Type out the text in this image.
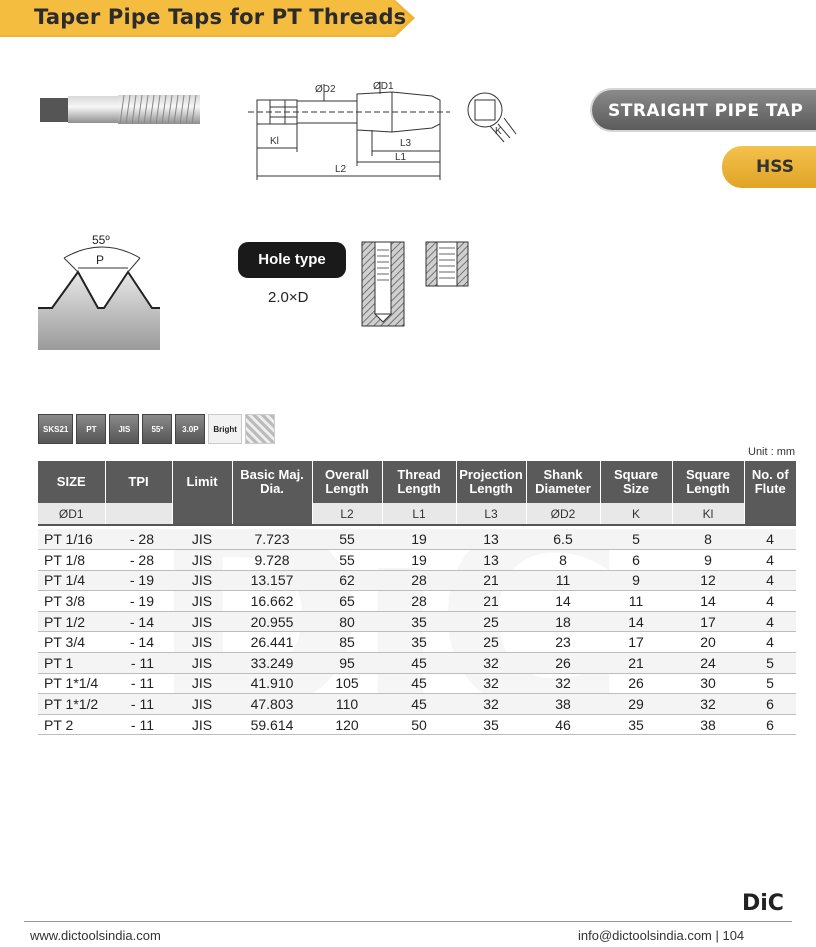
Taper Pipe Taps for PT Threads
ØD2	ØD1
Kl	L3
L1
L2
K
STRAIGHT PIPE TAP
HSS
55º
P	Hole type
2.0×D
SKS21	PT	JIS	55º	3.0P	Bright
Unit : mm
SIZE	TPI	Limit	Basic Maj. Dia.	Overall Length	Thread Length	Projection Length	Shank Diameter	Square Size	Square Length	No. of Flute
ØD1				L2	L1	L3	ØD2	K	Kl	

PT 1/16	- 28	JIS	7.723	55	19	13	6.5	5	8	4
PT 1/8	- 28	JIS	9.728	55	19	13	8	6	9	4
PT 1/4	- 19	JIS	13.157	62	28	21	11	9	12	4
PT 3/8	- 19	JIS	16.662	65	28	21	14	11	14	4
PT 1/2	- 14	JIS	20.955	80	35	25	18	14	17	4
PT 3/4	- 14	JIS	26.441	85	35	25	23	17	20	4
PT 1	- 11	JIS	33.249	95	45	32	26	21	24	5
PT 1*1/4	- 11	JIS	41.910	105	45	32	32	26	30	5
PT 1*1/2	- 11	JIS	47.803	110	45	32	38	29	32	6
PT 2	- 11	JIS	59.614	120	50	35	46	35	38	6
DiC
www.dictoolsindia.com	info@dictoolsindia.com | 104
